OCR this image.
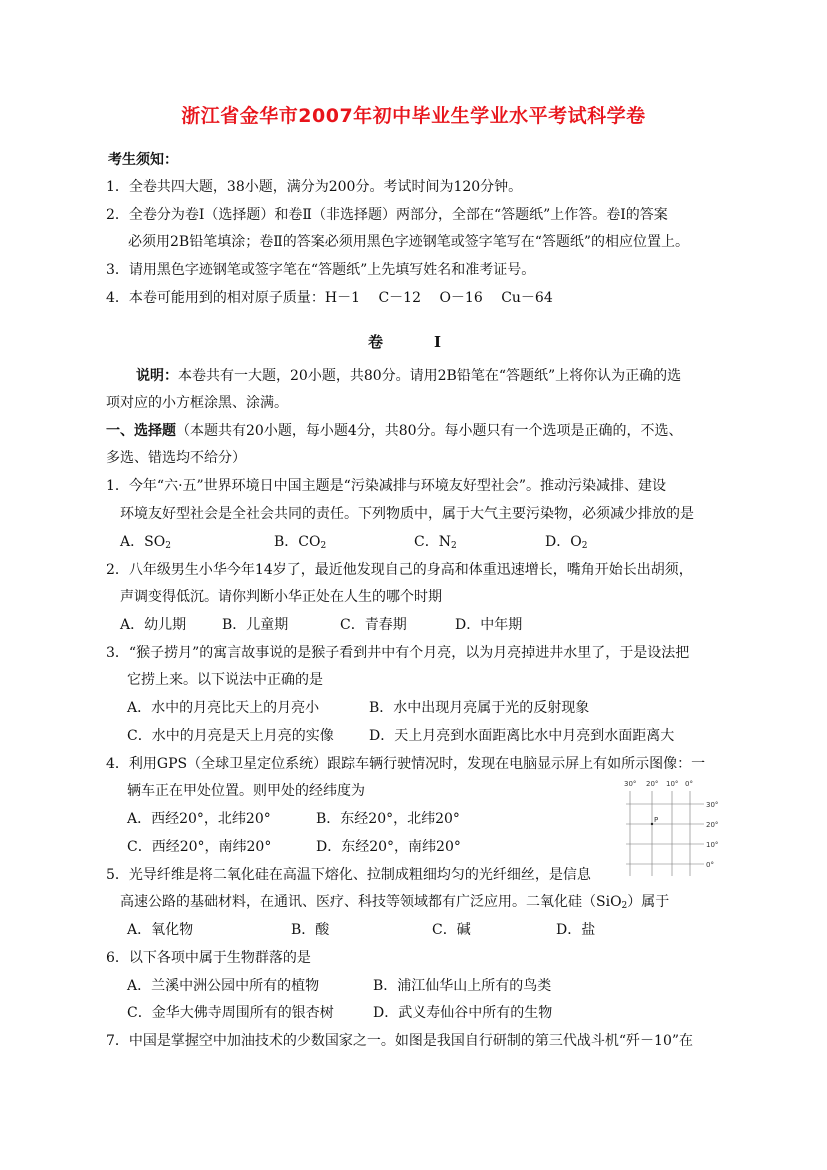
浙江省金华市2007年初中毕业生学业水平考试科学卷
考生须知：
1．全卷共四大题，38小题，满分为200分。考试时间为120分钟。
2．全卷分为卷Ⅰ（选择题）和卷Ⅱ（非选择题）两部分，全部在“答题纸”上作答。卷Ⅰ的答案
必须用2B铅笔填涂；卷Ⅱ的答案必须用黑色字迹钢笔或签字笔写在“答题纸”的相应位置上。
3．请用黑色字迹钢笔或签字笔在“答题纸”上先填写姓名和准考证号。
4．本卷可能用到的相对原子质量：H－1　 C－12　 O－16　 Cu－64
卷　Ⅰ
说明：本卷共有一大题，20小题，共80分。请用2B铅笔在“答题纸”上将你认为正确的选
项对应的小方框涂黑、涂满。
一、选择题（本题共有20小题，每小题4分，共80分。每小题只有一个选项是正确的，不选、
多选、错选均不给分）
1．今年“六·五”世界环境日中国主题是“污染减排与环境友好型社会”。推动污染减排、建设
环境友好型社会是全社会共同的责任。下列物质中，属于大气主要污染物，必须减少排放的是
A．$SO_2$	B．$CO_2$	C．$N_2$	D．$O_2$
2．八年级男生小华今年14岁了，最近他发现自己的身高和体重迅速增长，嘴角开始长出胡须，
声调变得低沉。请你判断小华正处在人生的哪个时期
A．幼儿期	B．儿童期	C．青春期	D．中年期
3．“猴子捞月”的寓言故事说的是猴子看到井中有个月亮，以为月亮掉进井水里了，于是设法把
它捞上来。以下说法中正确的是
A．水中的月亮比天上的月亮小	B．水中出现月亮属于光的反射现象
C．水中的月亮是天上月亮的实像	D．天上月亮到水面距离比水中月亮到水面距离大
4．利用GPS（全球卫星定位系统）跟踪车辆行驶情况时，发现在电脑显示屏上有如所示图像：一
辆车正在甲处位置。则甲处的经纬度为
A．西经20°，北纬20°	B．东经20°，北纬20°
C．西经20°，南纬20°	D．东经20°，南纬20°
30° 20° 10° 0°
30°
20°
10°
0°
P
5．光导纤维是将二氧化硅在高温下熔化、拉制成粗细均匀的光纤细丝，是信息
高速公路的基础材料，在通讯、医疗、科技等领域都有广泛应用。二氧化硅（SiO$_2$）属于
A．氧化物	B．酸	C．碱	D．盐
6．以下各项中属于生物群落的是
A．兰溪中洲公园中所有的植物	B．浦江仙华山上所有的鸟类
C．金华大佛寺周围所有的银杏树	D．武义寿仙谷中所有的生物
7．中国是掌握空中加油技术的少数国家之一。如图是我国自行研制的第三代战斗机“歼－10”在
